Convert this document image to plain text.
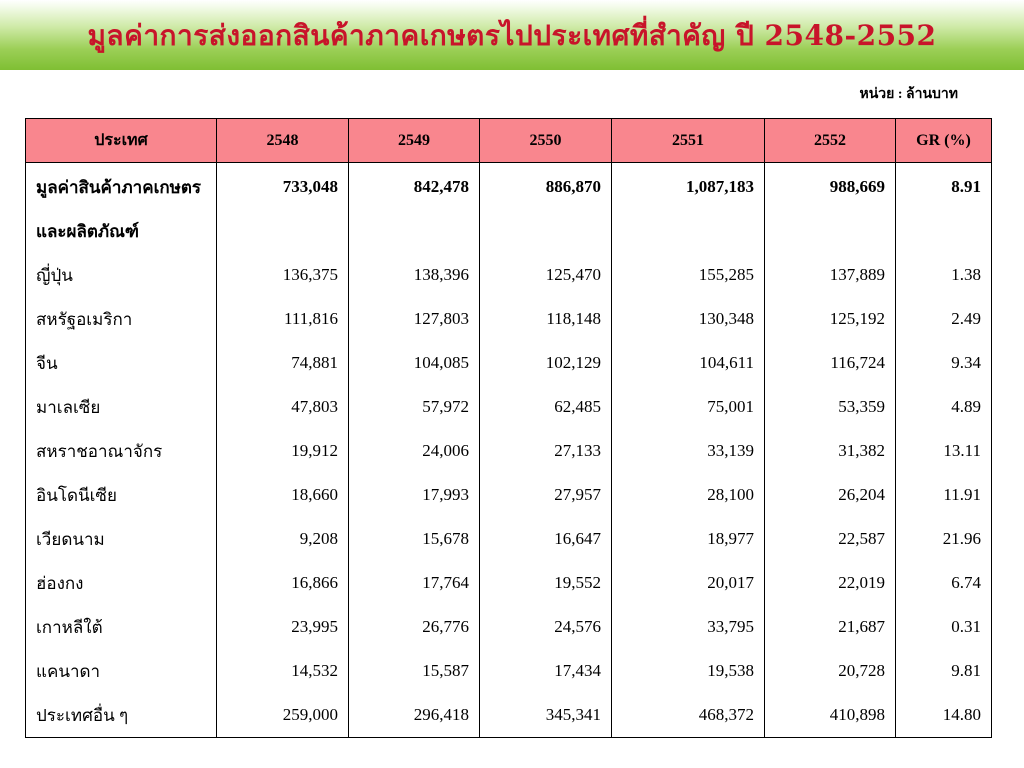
มูลค่าการส่งออกสินค้าภาคเกษตรไปประเทศที่สำคัญ ปี 2548-2552
หน่วย : ล้านบาท
ประเทศ	2548	2549	2550	2551	2552	GR (%)
มูลค่าสินค้าภาคเกษตร	733,048	842,478	886,870	1,087,183	988,669	8.91
และผลิตภัณฑ์						
ญี่ปุ่น	136,375	138,396	125,470	155,285	137,889	1.38
สหรัฐอเมริกา	111,816	127,803	118,148	130,348	125,192	2.49
จีน	74,881	104,085	102,129	104,611	116,724	9.34
มาเลเซีย	47,803	57,972	62,485	75,001	53,359	4.89
สหราชอาณาจักร	19,912	24,006	27,133	33,139	31,382	13.11
อินโดนีเซีย	18,660	17,993	27,957	28,100	26,204	11.91
เวียดนาม	9,208	15,678	16,647	18,977	22,587	21.96
ฮ่องกง	16,866	17,764	19,552	20,017	22,019	6.74
เกาหลีใต้	23,995	26,776	24,576	33,795	21,687	0.31
แคนาดา	14,532	15,587	17,434	19,538	20,728	9.81
ประเทศอื่น ๆ	259,000	296,418	345,341	468,372	410,898	14.80
